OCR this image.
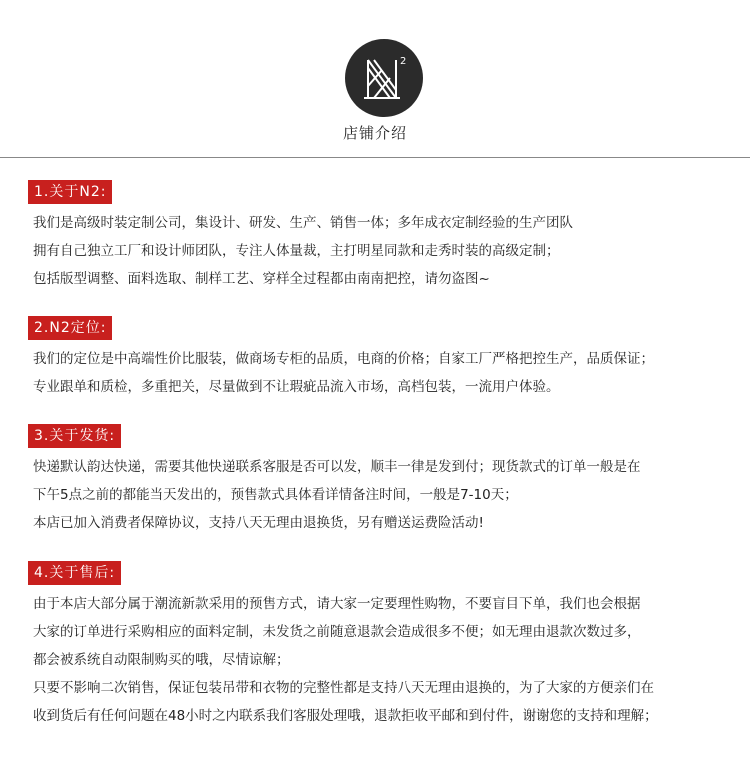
2
店铺介绍
1.关于N2:
我们是高级时装定制公司，集设计、研发、生产、销售一体；多年成衣定制经验的生产团队
拥有自己独立工厂和设计师团队，专注人体量裁，主打明星同款和走秀时装的高级定制；
包括版型调整、面料选取、制样工艺、穿样全过程都由南南把控，请勿盗图~
2.N2定位:
我们的定位是中高端性价比服装，做商场专柜的品质，电商的价格；自家工厂严格把控生产，品质保证；
专业跟单和质检，多重把关，尽量做到不让瑕疵品流入市场，高档包装，一流用户体验。
3.关于发货:
快递默认韵达快递，需要其他快递联系客服是否可以发，顺丰一律是发到付；现货款式的订单一般是在
下午5点之前的都能当天发出的，预售款式具体看详情备注时间，一般是7-10天；
本店已加入消费者保障协议，支持八天无理由退换货，另有赠送运费险活动!
4.关于售后:
由于本店大部分属于潮流新款采用的预售方式，请大家一定要理性购物，不要盲目下单，我们也会根据
大家的订单进行采购相应的面料定制，未发货之前随意退款会造成很多不便；如无理由退款次数过多，
都会被系统自动限制购买的哦，尽情谅解；
只要不影响二次销售，保证包装吊带和衣物的完整性都是支持八天无理由退换的，为了大家的方便亲们在
收到货后有任何问题在48小时之内联系我们客服处理哦，退款拒收平邮和到付件，谢谢您的支持和理解；
